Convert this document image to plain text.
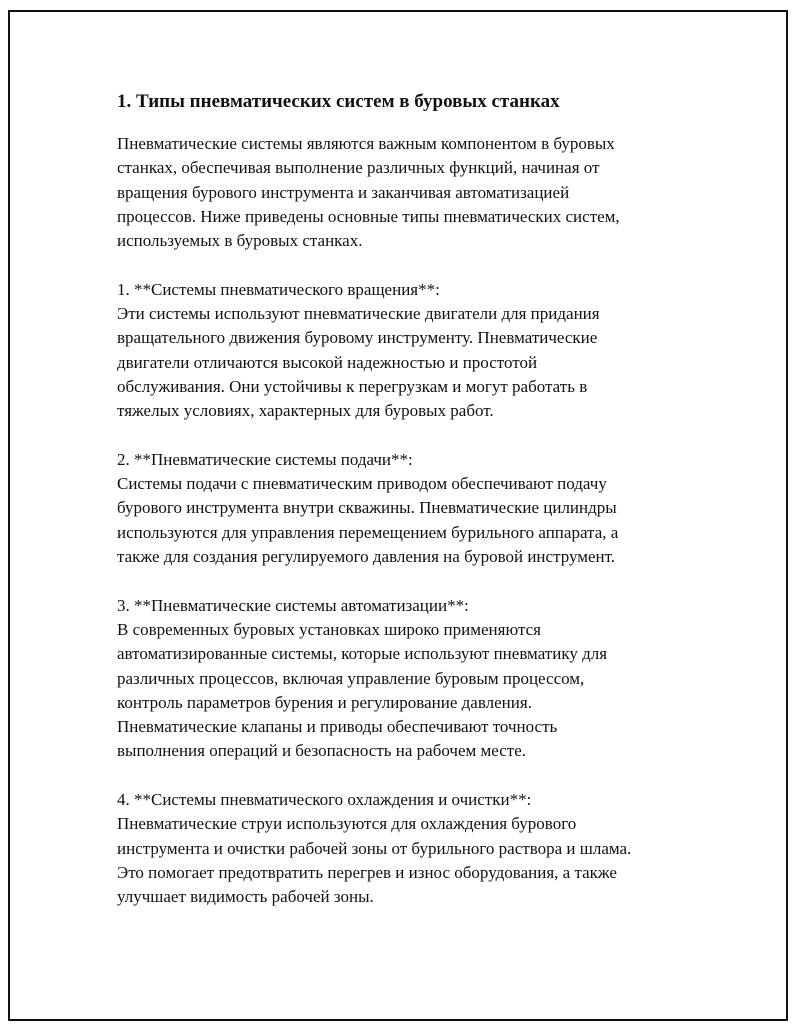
1. Типы пневматических систем в буровых станках

Пневматические системы являются важным компонентом в буровых
станках, обеспечивая выполнение различных функций, начиная от
вращения бурового инструмента и заканчивая автоматизацией
процессов. Ниже приведены основные типы пневматических систем,
используемых в буровых станках.

1. **Системы пневматического вращения**:

Эти системы используют пневматические двигатели для придания
вращательного движения буровому инструменту. Пневматические
двигатели отличаются высокой надежностью и простотой
обслуживания. Они устойчивы к перегрузкам и могут работать в
тяжелых условиях, характерных для буровых работ.

2. **Пневматические системы подачи**:

Системы подачи с пневматическим приводом обеспечивают подачу
бурового инструмента внутри скважины. Пневматические цилиндры
используются для управления перемещением бурильного аппарата, а
также для создания регулируемого давления на буровой инструмент.

3. **Пневматические системы автоматизации**:

В современных буровых установках широко применяются
автоматизированные системы, которые используют пневматику для
различных процессов, включая управление буровым процессом,
контроль параметров бурения и регулирование давления.
Пневматические клапаны и приводы обеспечивают точность
выполнения операций и безопасность на рабочем месте.

4. **Системы пневматического охлаждения и очистки**:

Пневматические струи используются для охлаждения бурового
инструмента и очистки рабочей зоны от бурильного раствора и шлама.
Это помогает предотвратить перегрев и износ оборудования, а также
улучшает видимость рабочей зоны.
